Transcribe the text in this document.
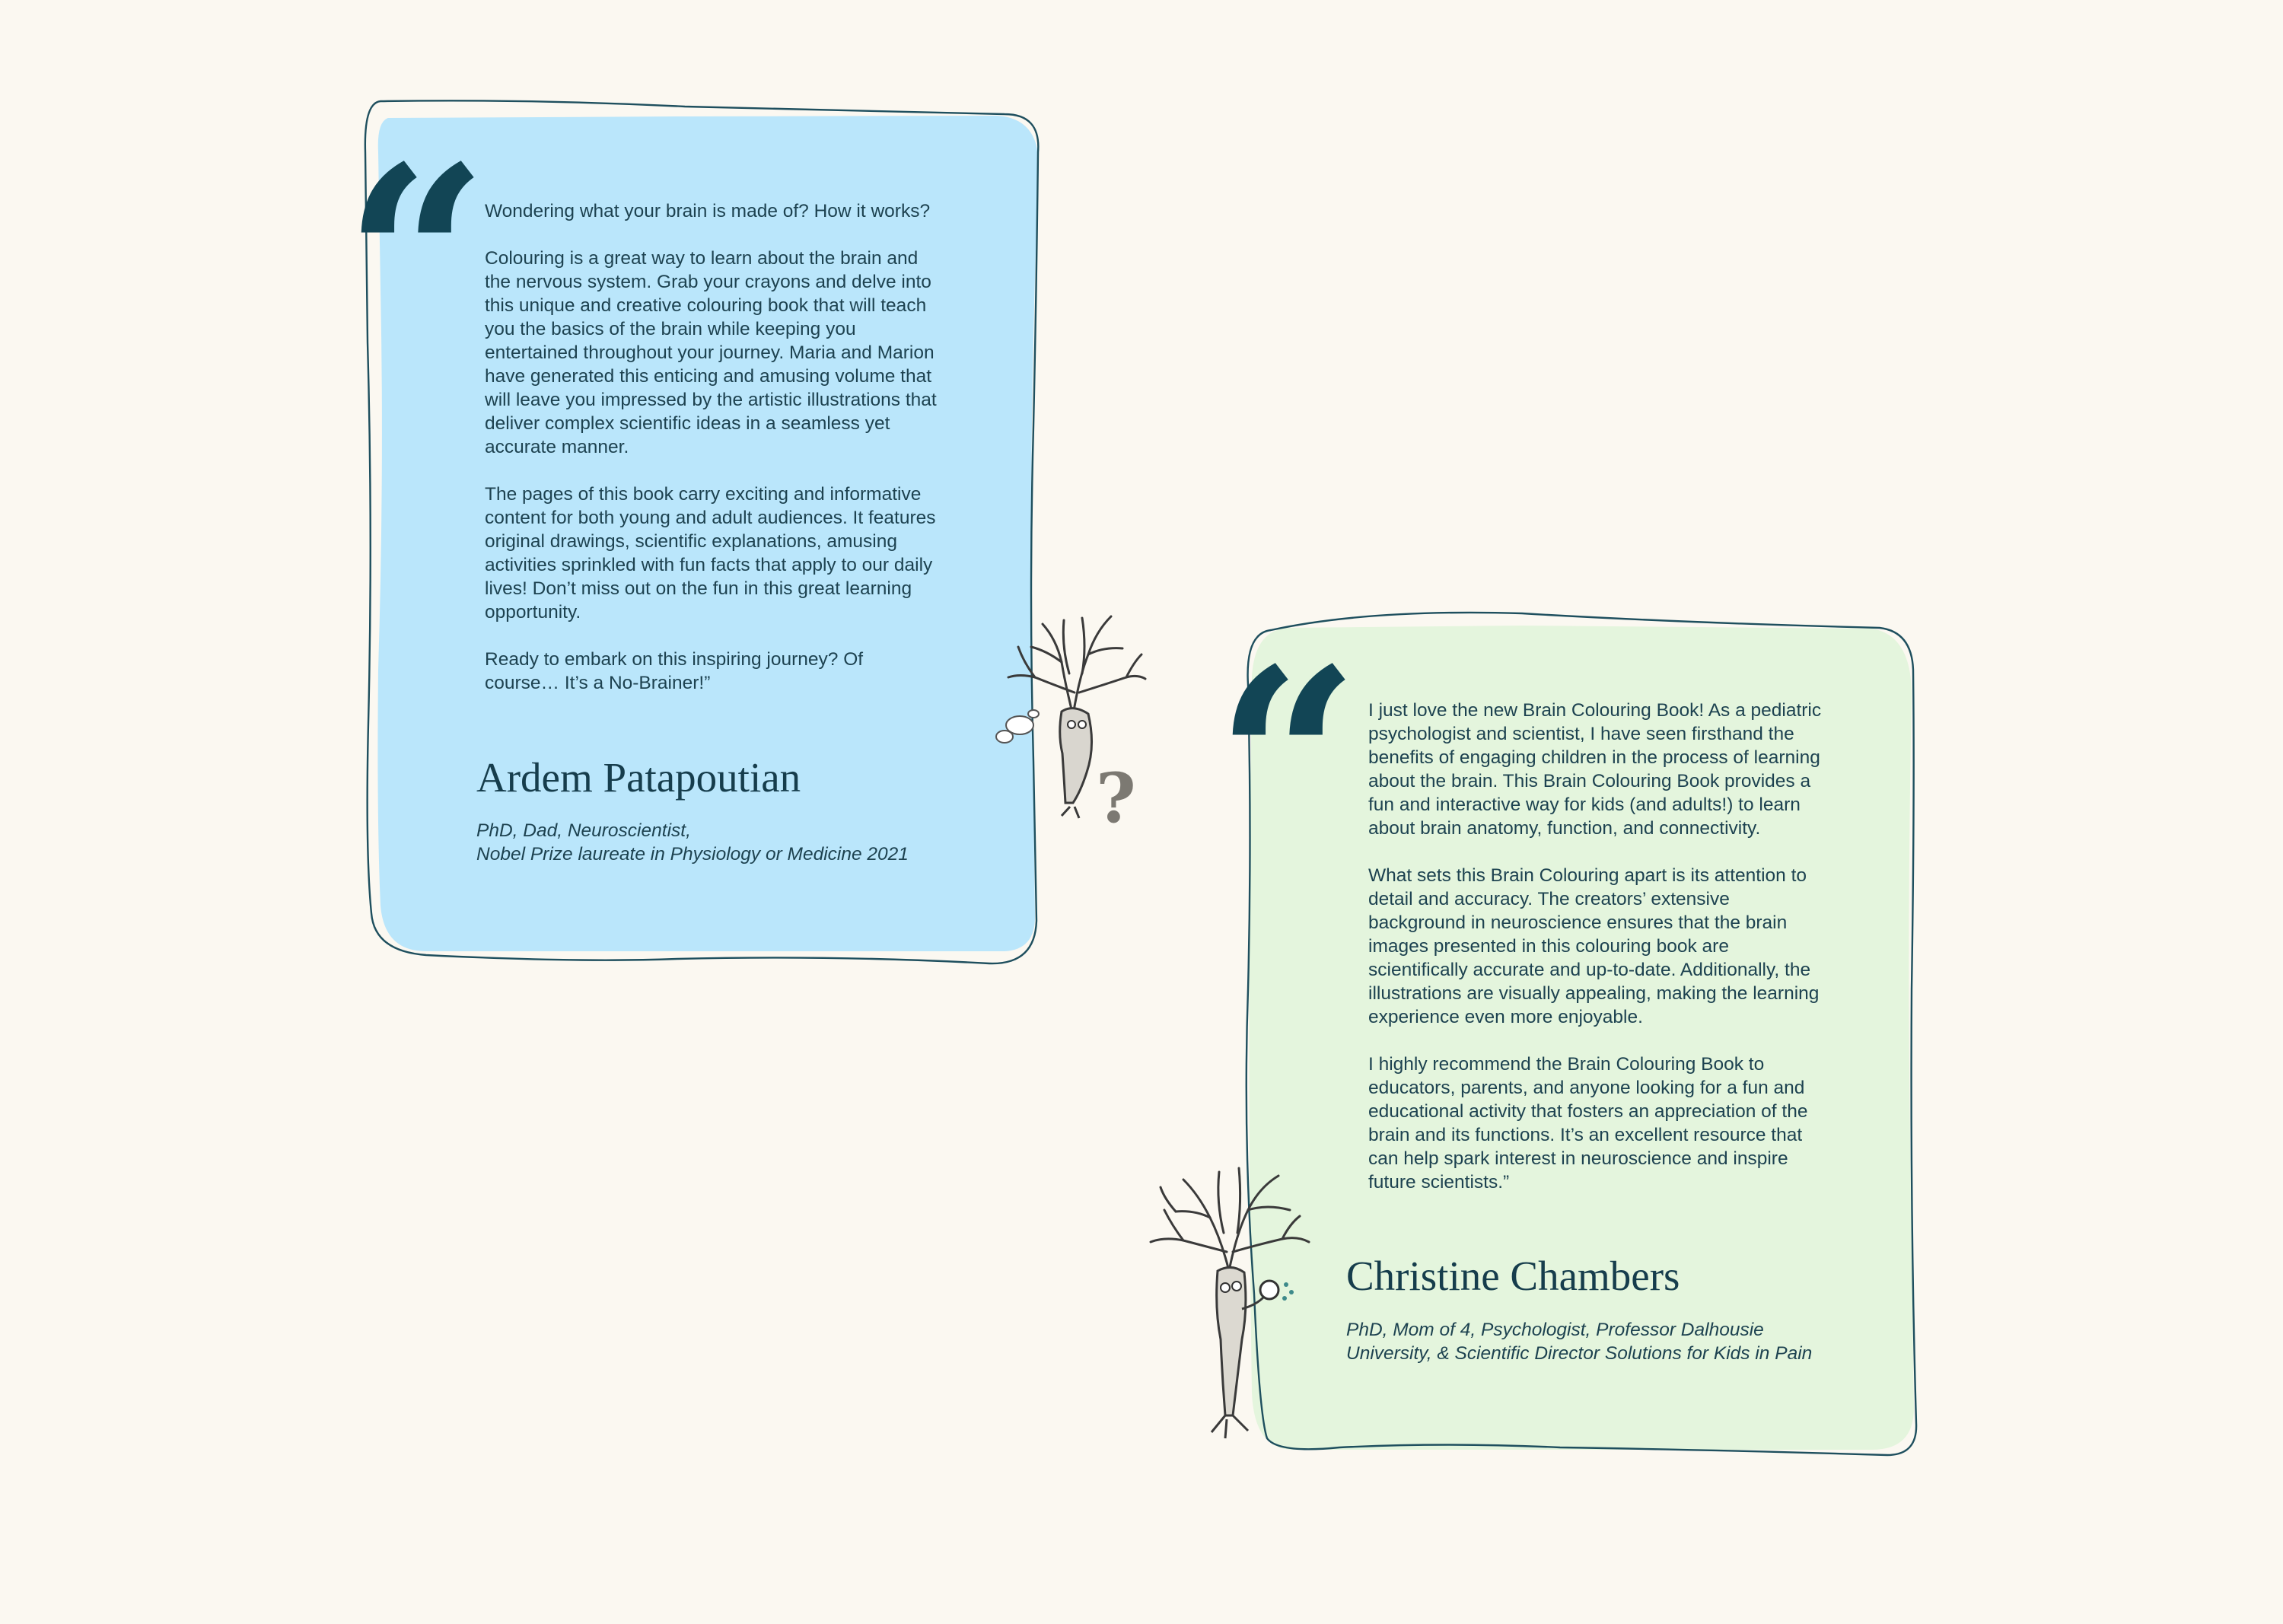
“ Wondering what your brain is made of? How it works?

Colouring is a great way to learn about the brain and the nervous system. Grab your crayons and delve into this unique and creative colouring book that will teach you the basics of the brain while keeping you entertained throughout your journey. Maria and Marion have generated this enticing and amusing volume that will leave you impressed by the artistic illustrations that deliver complex scientific ideas in a seamless yet accurate manner.

The pages of this book carry exciting and informative content for both young and adult audiences. It features original drawings, scientific explanations, amusing activities sprinkled with fun facts that apply to our daily lives! Don’t miss out on the fun in this great learning opportunity.

Ready to embark on this inspiring journey? Of course… It’s a No-Brainer!”

Ardem Patapoutian
PhD, Dad, Neuroscientist,
Nobel Prize laureate in Physiology or Medicine 2021
? “ I just love the new Brain Colouring Book! As a pediatric psychologist and scientist, I have seen firsthand the benefits of engaging children in the process of learning about the brain. This Brain Colouring Book provides a fun and interactive way for kids (and adults!) to learn about brain anatomy, function, and connectivity.

What sets this Brain Colouring apart is its attention to detail and accuracy. The creators’ extensive background in neuroscience ensures that the brain images presented in this colouring book are scientifically accurate and up-to-date. Additionally, the illustrations are visually appealing, making the learning experience even more enjoyable.

I highly recommend the Brain Colouring Book to educators, parents, and anyone looking for a fun and educational activity that fosters an appreciation of the brain and its functions. It’s an excellent resource that can help spark interest in neuroscience and inspire future scientists.”

Christine Chambers
PhD, Mom of 4, Psychologist, Professor Dalhousie
University, & Scientific Director Solutions for Kids in Pain
